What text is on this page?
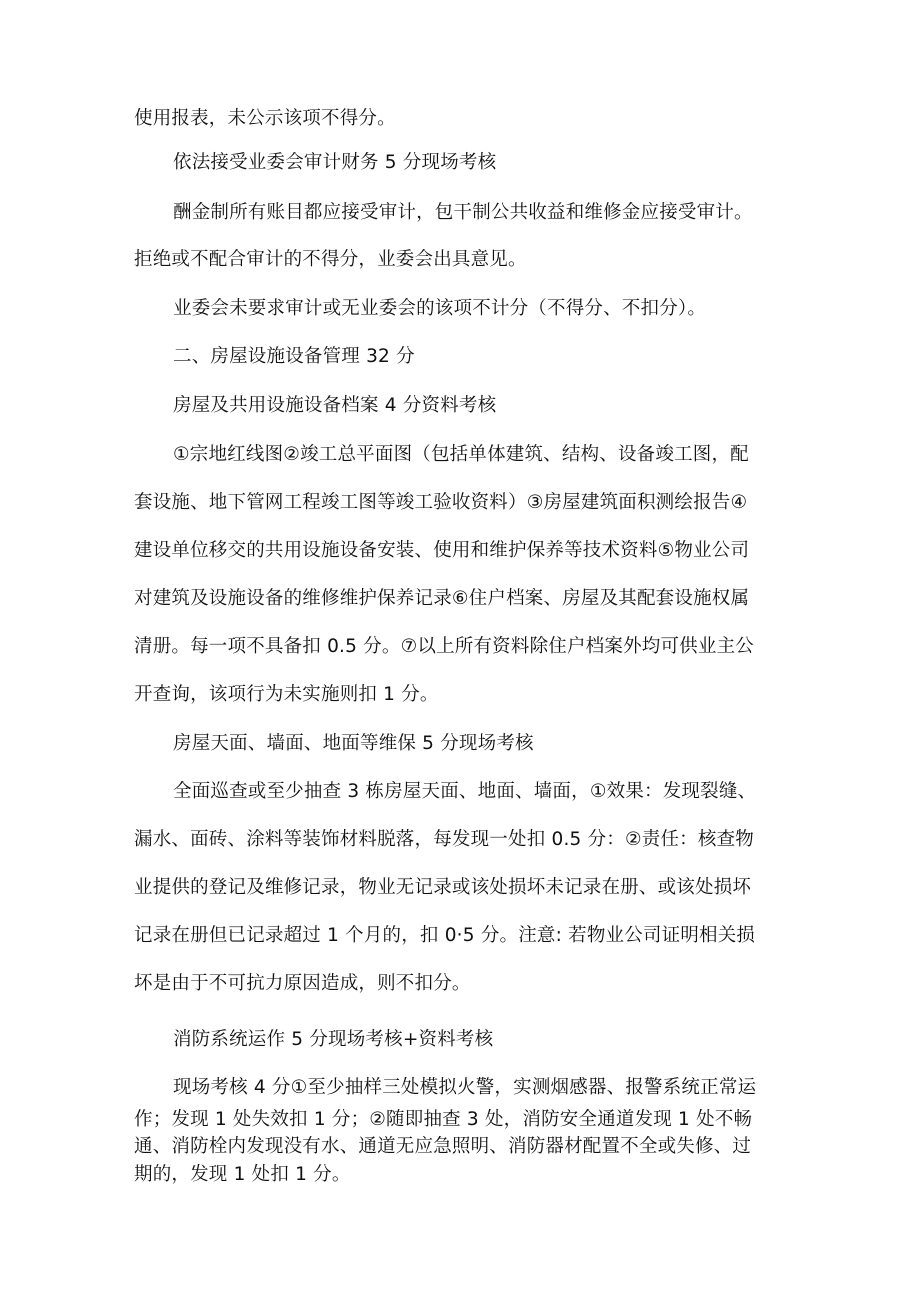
使用报表，未公示该项不得分。

依法接受业委会审计财务 5 分现场考核

酬金制所有账目都应接受审计，包干制公共收益和维修金应接受审计。

拒绝或不配合审计的不得分，业委会出具意见。

业委会未要求审计或无业委会的该项不计分（不得分、不扣分）。

二、房屋设施设备管理 32 分

房屋及共用设施设备档案 4 分资料考核

①宗地红线图②竣工总平面图（包括单体建筑、结构、设备竣工图，配

套设施、地下管网工程竣工图等竣工验收资料）③房屋建筑面积测绘报告④

建设单位移交的共用设施设备安装、使用和维护保养等技术资料⑤物业公司

对建筑及设施设备的维修维护保养记录⑥住户档案、房屋及其配套设施权属

清册。每一项不具备扣 0.5 分。⑦以上所有资料除住户档案外均可供业主公

开查询，该项行为未实施则扣 1 分。

房屋天面、墙面、地面等维保 5 分现场考核

全面巡查或至少抽查 3 栋房屋天面、地面、墙面，①效果：发现裂缝、

漏水、面砖、涂料等装饰材料脱落，每发现一处扣 0.5 分：②责任：核查物

业提供的登记及维修记录，物业无记录或该处损坏未记录在册、或该处损坏

记录在册但已记录超过 1 个月的，扣 0·5 分。注意: 若物业公司证明相关损

坏是由于不可抗力原因造成，则不扣分。

消防系统运作 5 分现场考核+资料考核

现场考核 4 分①至少抽样三处模拟火警，实测烟感器、报警系统正常运

作；发现 1 处失效扣 1 分；②随即抽查 3 处，消防安全通道发现 1 处不畅

通、消防栓内发现没有水、通道无应急照明、消防器材配置不全或失修、过

期的，发现 1 处扣 1 分。
